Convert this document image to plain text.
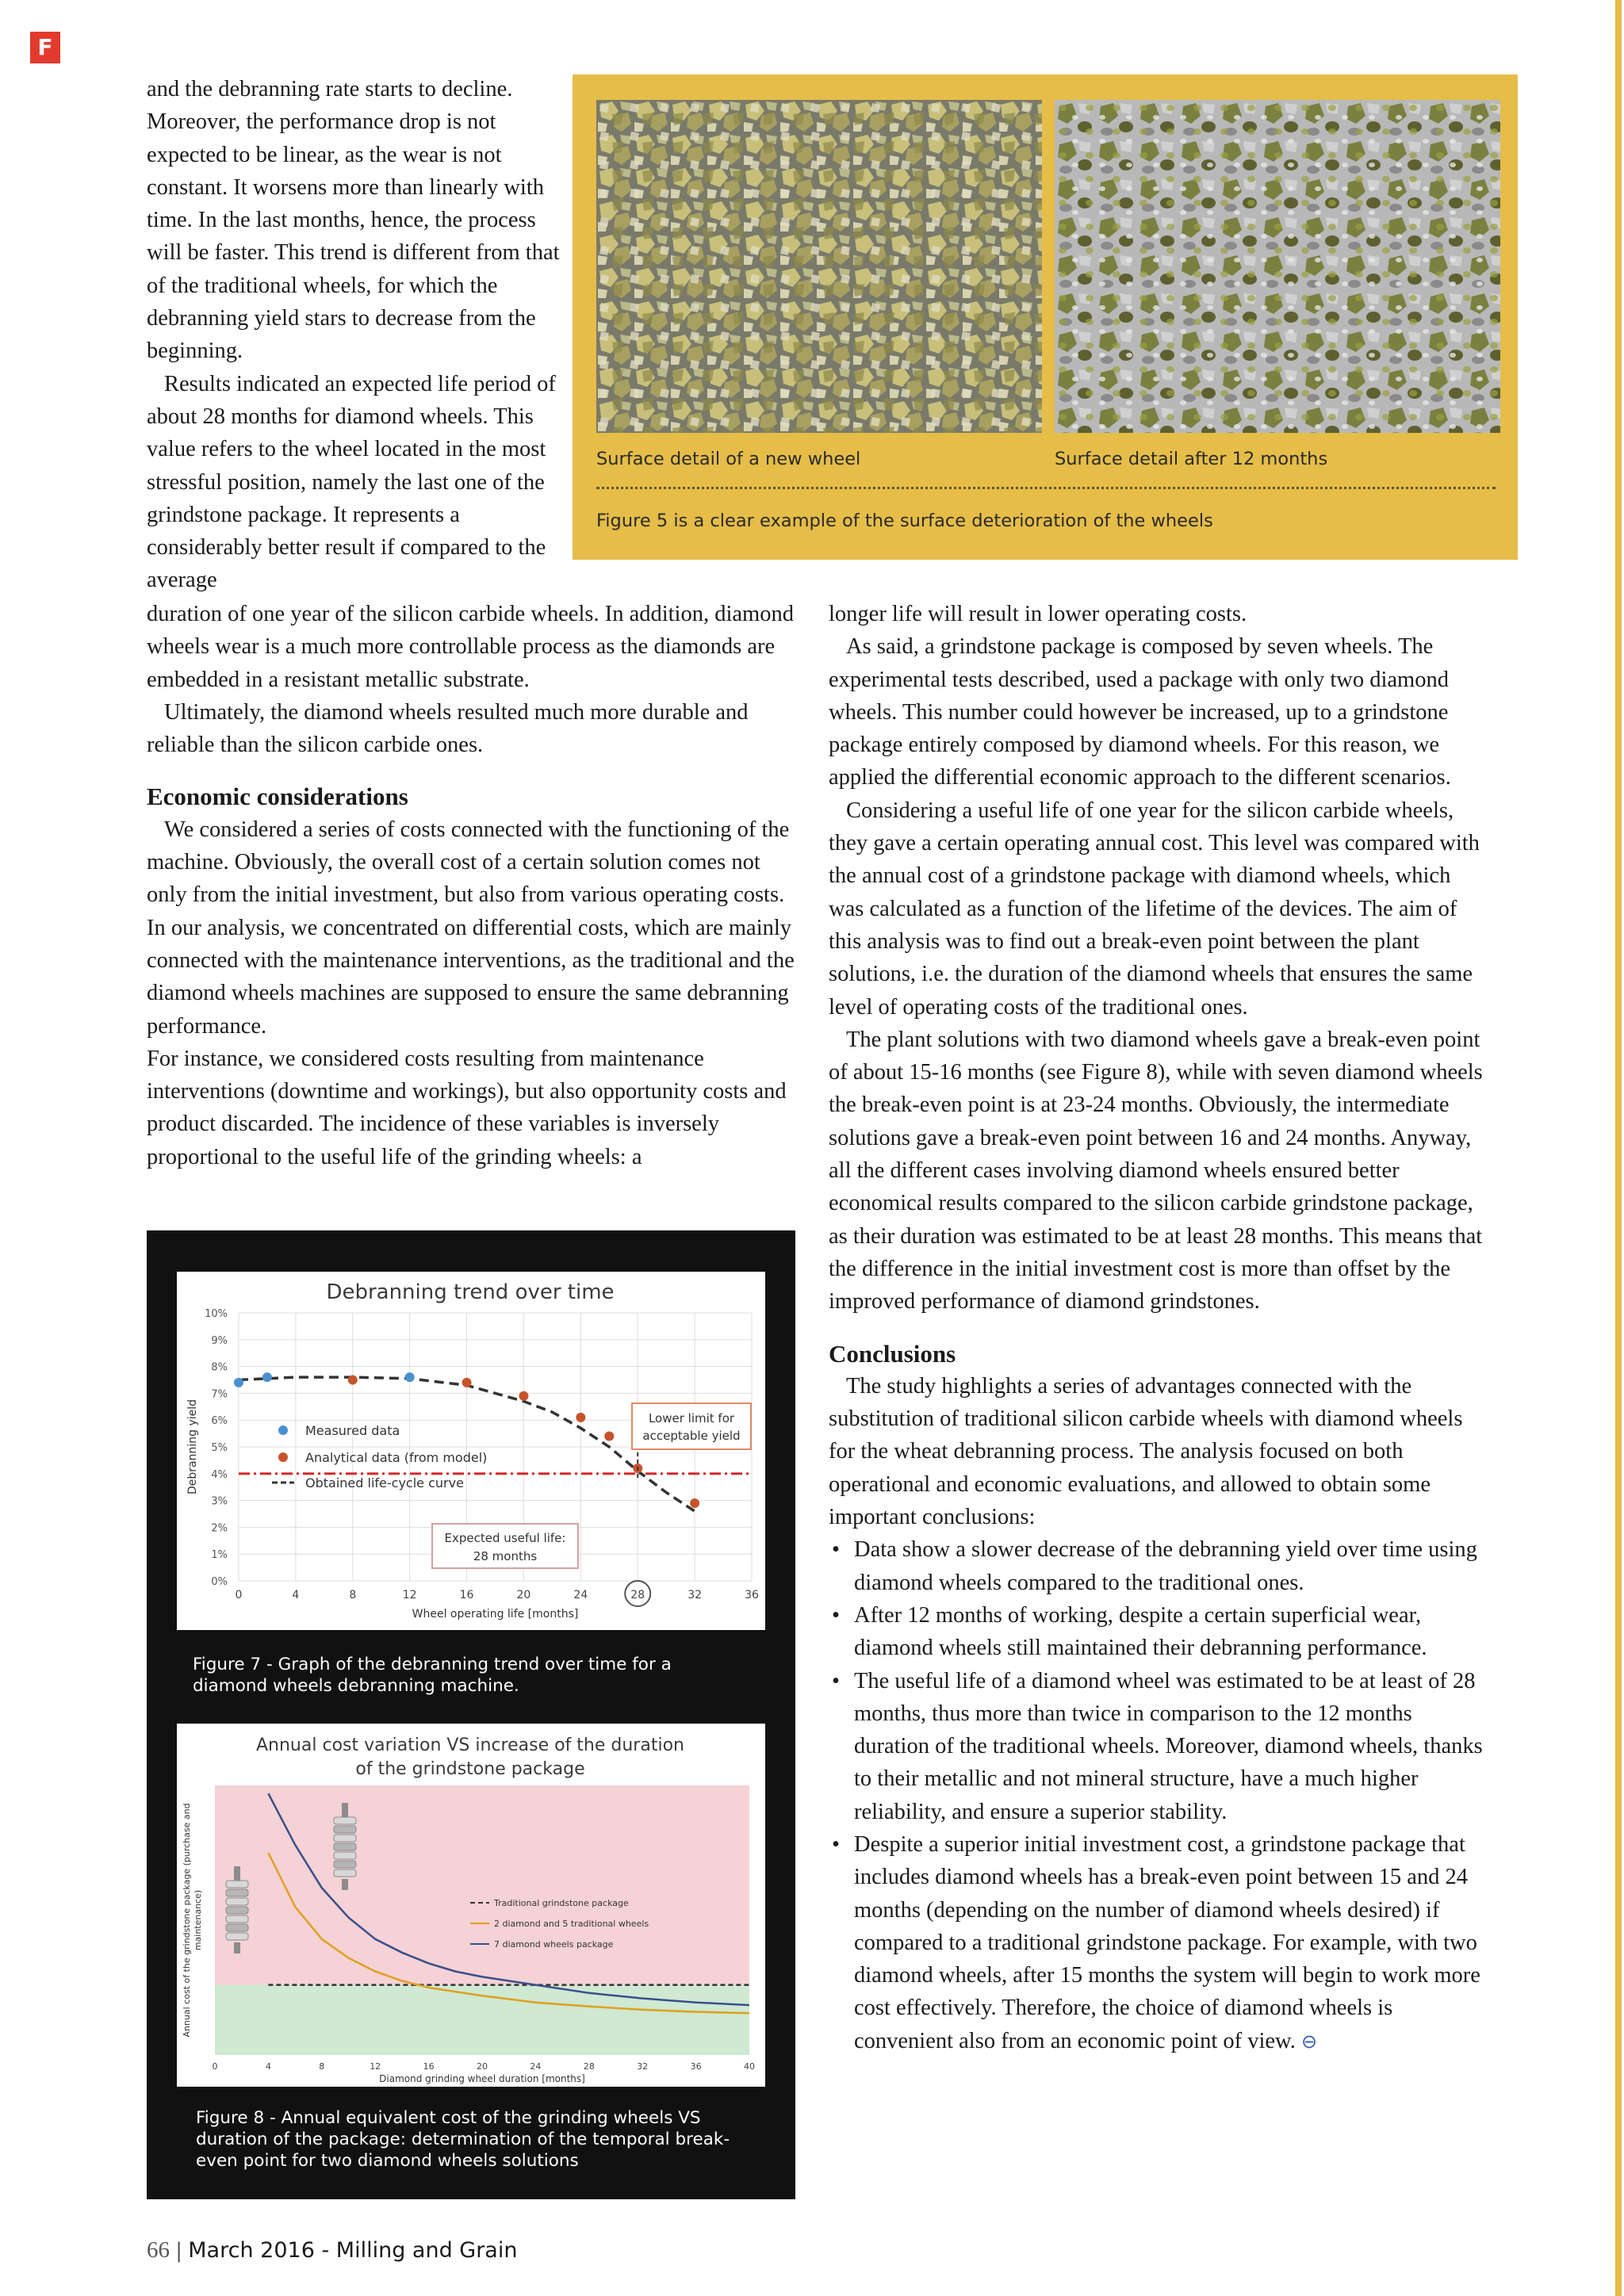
F
Surface detail of a new wheel	Surface detail after 12 months
Figure 5 is a clear example of the surface deterioration of the wheels

and the debranning rate starts to decline. Moreover, the performance drop is not expected to be linear, as the wear is not constant. It worsens more than linearly with time. In the last months, hence, the process will be faster. This trend is different from that of the traditional wheels, for which the debranning yield stars to decrease from the beginning.

Results indicated an expected life period of about 28 months for diamond wheels. This value refers to the wheel located in the most stressful position, namely the last one of the grindstone package. It represents a considerably better result if compared to the average

duration of one year of the silicon carbide wheels. In addition, diamond wheels wear is a much more controllable process as the diamonds are embedded in a resistant metallic substrate.

Ultimately, the diamond wheels resulted much more durable and reliable than the silicon carbide ones.

Economic considerations

We considered a series of costs connected with the functioning of the machine. Obviously, the overall cost of a certain solution comes not only from the initial investment, but also from various operating costs. In our analysis, we concentrated on differential costs, which are mainly connected with the maintenance interventions, as the traditional and the diamond wheels machines are supposed to ensure the same debranning performance.

For instance, we considered costs resulting from maintenance interventions (downtime and workings), but also opportunity costs and product discarded. The incidence of these variables is inversely proportional to the useful life of the grinding wheels: a

longer life will result in lower operating costs.

As said, a grindstone package is composed by seven wheels. The experimental tests described, used a package with only two diamond wheels. This number could however be increased, up to a grindstone package entirely composed by diamond wheels. For this reason, we applied the differential economic approach to the different scenarios.

Considering a useful life of one year for the silicon carbide wheels, they gave a certain operating annual cost. This level was compared with the annual cost of a grindstone package with diamond wheels, which was calculated as a function of the lifetime of the devices. The aim of this analysis was to find out a break-even point between the plant solutions, i.e. the duration of the diamond wheels that ensures the same level of operating costs of the traditional ones.

The plant solutions with two diamond wheels gave a break-even point of about 15-16 months (see Figure 8), while with seven diamond wheels the break-even point is at 23-24 months. Obviously, the intermediate solutions gave a break-even point between 16 and 24 months. Anyway, all the different cases involving diamond wheels ensured better economical results compared to the silicon carbide grindstone package, as their duration was estimated to be at least 28 months. This means that the difference in the initial investment cost is more than offset by the improved performance of diamond grindstones.

Conclusions

The study highlights a series of advantages connected with the substitution of traditional silicon carbide wheels with diamond wheels for the wheat debranning process. The analysis focused on both operational and economic evaluations, and allowed to obtain some important conclusions:

• Data show a slower decrease of the debranning yield over time using diamond wheels compared to the traditional ones.
• After 12 months of working, despite a certain superficial wear, diamond wheels still maintained their debranning performance.
• The useful life of a diamond wheel was estimated to be at least of 28 months, thus more than twice in comparison to the 12 months duration of the traditional wheels. Moreover, diamond wheels, thanks to their metallic and not mineral structure, have a much higher reliability, and ensure a superior stability.
• Despite a superior initial investment cost, a grindstone package that includes diamond wheels has a break-even point between 15 and 24 months (depending on the number of diamond wheels desired) if compared to a traditional grindstone package. For example, with two diamond wheels, after 15 months the system will begin to work more cost effectively. Therefore, the choice of diamond wheels is convenient also from an economic point of view. ⊖
Debranning trend over time
0%
1%
2%
3%
4%
5%
6%
7%
8%
9%
10%
0	4	8	12	16	20	24	28	32	36
Wheel operating life [months]
Debranning yield	Measured data
Analytical data (from model)
Obtained life-cycle curve
Lower limit for
acceptable yield
Expected useful life:
28 months
Figure 7 - Graph of the debranning trend over time for a diamond wheels debranning machine.
Annual cost variation VS increase of the duration
of the grindstone package
0	4	8	12	16	20	24	28	32	36	40
Diamond grinding wheel duration [months]
Annual cost of the grindstone package (purchase and maintenance)	Traditional grindstone package
2 diamond and 5 traditional wheels
7 diamond wheels package
Figure 8 - Annual equivalent cost of the grinding wheels VS duration of the package: determination of the temporal break-even point for two diamond wheels solutions
66 | March 2016 - Milling and Grain
